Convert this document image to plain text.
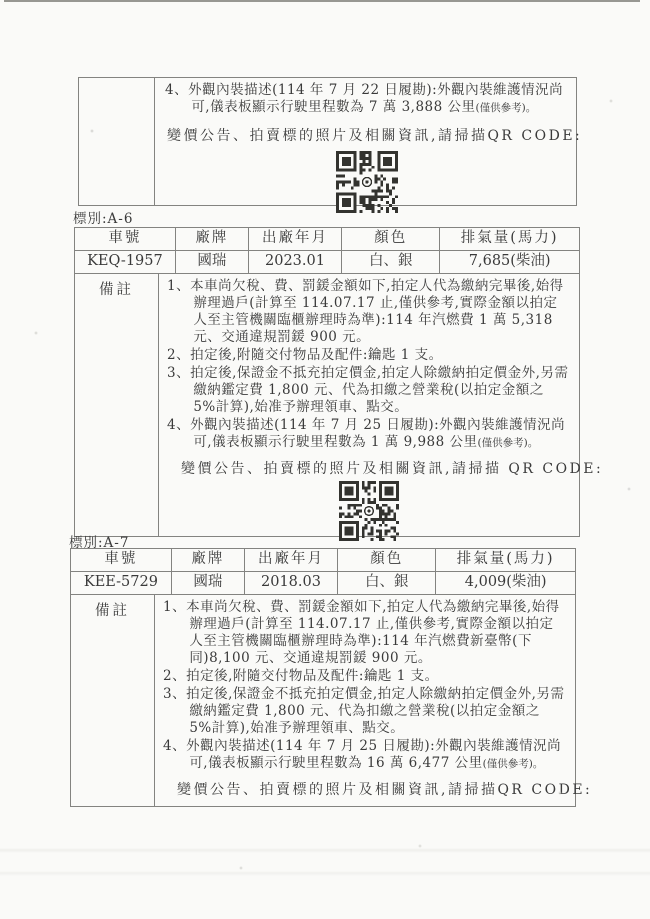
4、外觀內裝描述(114 年 7 月 22 日履勘):外觀內裝維護情況尚可,儀表板顯示行駛里程數為 7 萬 3,888 公里(僅供參考)。
變價公告、拍賣標的照片及相關資訊,請掃描QR CODE:
標別:A-6
車號	廠牌	出廠年月	顏色	排氣量(馬力)
KEQ-1957	國瑞	2023.01	白、銀	7,685(柴油)
備註	1、本車尚欠稅、費、罰鍰金額如下,拍定人代為繳納完畢後,始得辦理過戶(計算至 114.07.17 止,僅供參考,實際金額以拍定人至主管機關臨櫃辦理時為準):114 年汽燃費 1 萬 5,318 元、交通違規罰鍰 900 元。
2、拍定後,附隨交付物品及配件:鑰匙 1 支。
3、拍定後,保證金不抵充拍定價金,拍定人除繳納拍定價金外,另需繳納鑑定費 1,800 元、代為扣繳之營業稅(以拍定金額之 5%計算),始准予辦理領車、點交。
4、外觀內裝描述(114 年 7 月 25 日履勘):外觀內裝維護情況尚可,儀表板顯示行駛里程數為 1 萬 9,988 公里(僅供參考)。
變價公告、拍賣標的照片及相關資訊,請掃描 QR CODE:
標別:A-7
車號	廠牌	出廠年月	顏色	排氣量(馬力)
KEE-5729	國瑞	2018.03	白、銀	4,009(柴油)
備註	1、本車尚欠稅、費、罰鍰金額如下,拍定人代為繳納完畢後,始得辦理過戶(計算至 114.07.17 止,僅供參考,實際金額以拍定人至主管機關臨櫃辦理時為準):114 年汽燃費新臺幣(下同)8,100 元、交通違規罰鍰 900 元。
2、拍定後,附隨交付物品及配件:鑰匙 1 支。
3、拍定後,保證金不抵充拍定價金,拍定人除繳納拍定價金外,另需繳納鑑定費 1,800 元、代為扣繳之營業稅(以拍定金額之 5%計算),始准予辦理領車、點交。
4、外觀內裝描述(114 年 7 月 25 日履勘):外觀內裝維護情況尚可,儀表板顯示行駛里程數為 16 萬 6,477 公里(僅供參考)。
變價公告、拍賣標的照片及相關資訊,請掃描QR CODE:
